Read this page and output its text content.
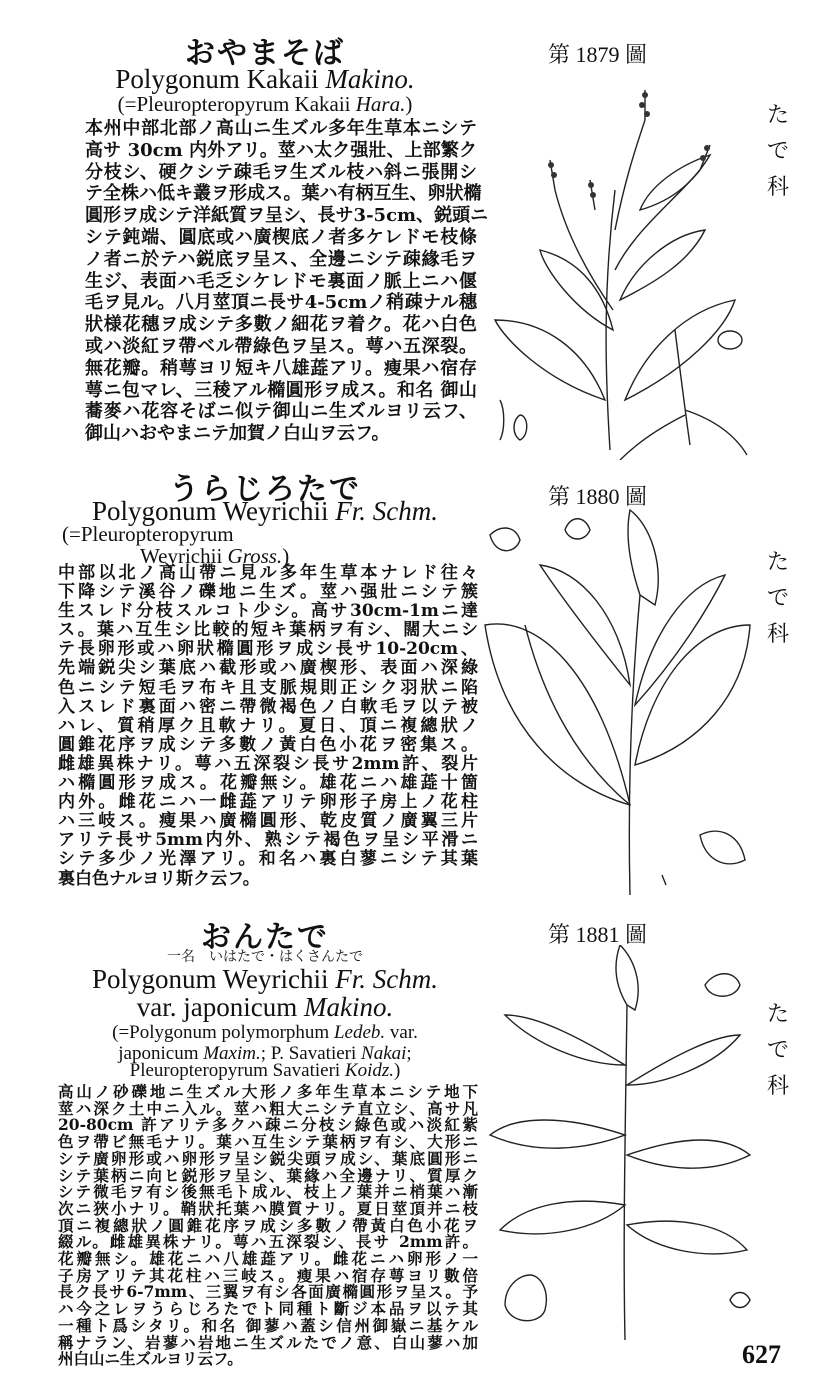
おやまそば
Polygonum Kakaii Makino.
(=Pleuropteropyrum Kakaii Hara.)
本州中部北部ノ高山ニ生ズル多年生草本ニシテ
高サ 30cm 内外アリ。莖ハ太ク强壯、上部繁ク
分枝シ、硬クシテ疎毛ヲ生ズル枝ハ斜ニ張開シ
テ全株ハ低キ叢ヲ形成ス。葉ハ有柄互生、卵狀橢
圓形ヲ成シテ洋紙質ヲ呈シ、長サ3-5cm、鋭頭ニ
シテ鈍端、圓底或ハ廣楔底ノ者多ケレドモ枝條
ノ者ニ於テハ鋭底ヲ呈ス、全邊ニシテ疎緣毛ヲ
生ジ、表面ハ毛乏シケレドモ裏面ノ脈上ニハ偃
毛ヲ見ル。八月莖頂ニ長サ4-5cmノ稍疎ナル穗
狀様花穗ヲ成シテ多數ノ細花ヲ着ク。花ハ白色
或ハ淡紅ヲ帶ベル帶綠色ヲ呈ス。萼ハ五深裂。
無花瓣。稍萼ヨリ短キ八雄蕋アリ。瘦果ハ宿存
萼ニ包マレ、三稜アル橢圓形ヲ成ス。和名 御山
蕎麥ハ花容そばニ似テ御山ニ生ズルヨリ云フ、
御山ハおやまニテ加賀ノ白山ヲ云フ。
第 1879 圖
た
で
科
うらじろたで
Polygonum Weyrichii Fr. Schm.
(=Pleuropteropyrum
Weyrichii Gross.)
中部以北ノ高山帶ニ見ル多年生草本ナレド往々
下降シテ溪谷ノ礫地ニ生ズ。莖ハ强壯ニシテ簇
生スレド分枝スルコト少シ。高サ30cm-1mニ達
ス。葉ハ互生シ比較的短キ葉柄ヲ有シ、闊大ニシ
テ長卵形或ハ卵狀橢圓形ヲ成シ長サ10-20cm、
先端鋭尖シ葉底ハ截形或ハ廣楔形、表面ハ深綠
色ニシテ短毛ヲ布キ且支脈規則正シク羽狀ニ陷
入スレド裏面ハ密ニ帶微褐色ノ白軟毛ヲ以テ被
ハレ、質稍厚ク且軟ナリ。夏日、頂ニ複總狀ノ
圓錐花序ヲ成シテ多數ノ黃白色小花ヲ密集ス。
雌雄異株ナリ。萼ハ五深裂シ長サ2mm許、裂片
ハ橢圓形ヲ成ス。花瓣無シ。雄花ニハ雄蕋十箇
内外。雌花ニハ一雌蕋アリテ卵形子房上ノ花柱
ハ三岐ス。瘦果ハ廣橢圓形、乾皮質ノ廣翼三片
アリテ長サ5mm内外、熟シテ褐色ヲ呈シ平滑ニ
シテ多少ノ光澤アリ。和名ハ裏白蓼ニシテ其葉
裏白色ナルヨリ斯ク云フ。
第 1880 圖
た
で
科
おんたで
一名　いはたで・はくさんたで
Polygonum Weyrichii Fr. Schm.
var. japonicum Makino.
(=Polygonum polymorphum Ledeb. var.
japonicum Maxim.; P. Savatieri Nakai;
Pleuropteropyrum Savatieri Koidz.)
高山ノ砂礫地ニ生ズル大形ノ多年生草本ニシテ地下
莖ハ深ク土中ニ入ル。莖ハ粗大ニシテ直立シ、高サ凡
20-80cm 許アリテ多クハ疎ニ分枝シ綠色或ハ淡紅紫
色ヲ帶ビ無毛ナリ。葉ハ互生シテ葉柄ヲ有シ、大形ニ
シテ廣卵形或ハ卵形ヲ呈シ鋭尖頭ヲ成シ、葉底圓形ニ
シテ葉柄ニ向ヒ鋭形ヲ呈シ、葉緣ハ全邊ナリ、質厚ク
シテ微毛ヲ有シ後無毛ト成ル、枝上ノ葉并ニ梢葉ハ漸
次ニ狹小ナリ。鞘狀托葉ハ膜質ナリ。夏日莖頂并ニ枝
頂ニ複總狀ノ圓錐花序ヲ成シ多數ノ帶黃白色小花ヲ
綴ル。雌雄異株ナリ。萼ハ五深裂シ、長サ 2mm許。
花瓣無シ。雄花ニハ八雄蕋アリ。雌花ニハ卵形ノ一
子房アリテ其花柱ハ三岐ス。瘦果ハ宿存萼ヨリ數倍
長ク長サ6-7mm、三翼ヲ有シ各面廣橢圓形ヲ呈ス。予
ハ今之レヲうらじろたでト同種ト斷ジ本品ヲ以テ其
一種ト爲シタリ。和名 御蓼ハ蓋シ信州御嶽ニ基ケル
稱ナラン、岩蓼ハ岩地ニ生ズルたでノ意、白山蓼ハ加
州白山ニ生ズルヨリ云フ。
第 1881 圖
た
で
科
627
